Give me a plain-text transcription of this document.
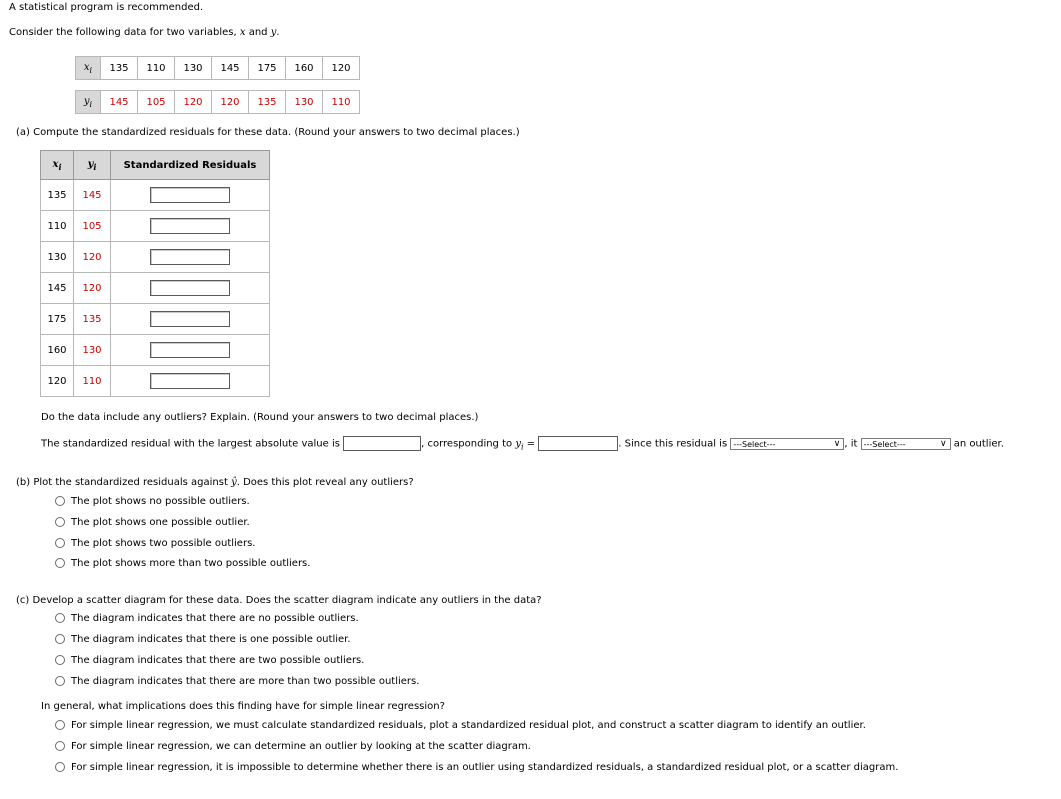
A statistical program is recommended.
Consider the following data for two variables, x and y.
$x_i$	135	110	130	145	175	160	120

$y_i$	145	105	120	120	135	130	110
(a) Compute the standardized residuals for these data. (Round your answers to two decimal places.)
$x_i$	$y_i$	Standardized Residuals
135	145	
110	105	
130	120	
145	120	
175	135	
160	130	
120	110	
Do the data include any outliers? Explain. (Round your answers to two decimal places.)
The standardized residual with the largest absolute value is	, corresponding to $y_i$ =	. Since this residual is ---Select---	∨ , it ---Select---	∨ an outlier.
(b) Plot the standardized residuals against ŷ. Does this plot reveal any outliers?
The plot shows no possible outliers.
The plot shows one possible outlier.
The plot shows two possible outliers.
The plot shows more than two possible outliers.
(c) Develop a scatter diagram for these data. Does the scatter diagram indicate any outliers in the data?
The diagram indicates that there are no possible outliers.
The diagram indicates that there is one possible outlier.
The diagram indicates that there are two possible outliers.
The diagram indicates that there are more than two possible outliers.
In general, what implications does this finding have for simple linear regression?
For simple linear regression, we must calculate standardized residuals, plot a standardized residual plot, and construct a scatter diagram to identify an outlier.
For simple linear regression, we can determine an outlier by looking at the scatter diagram.
For simple linear regression, it is impossible to determine whether there is an outlier using standardized residuals, a standardized residual plot, or a scatter diagram.
